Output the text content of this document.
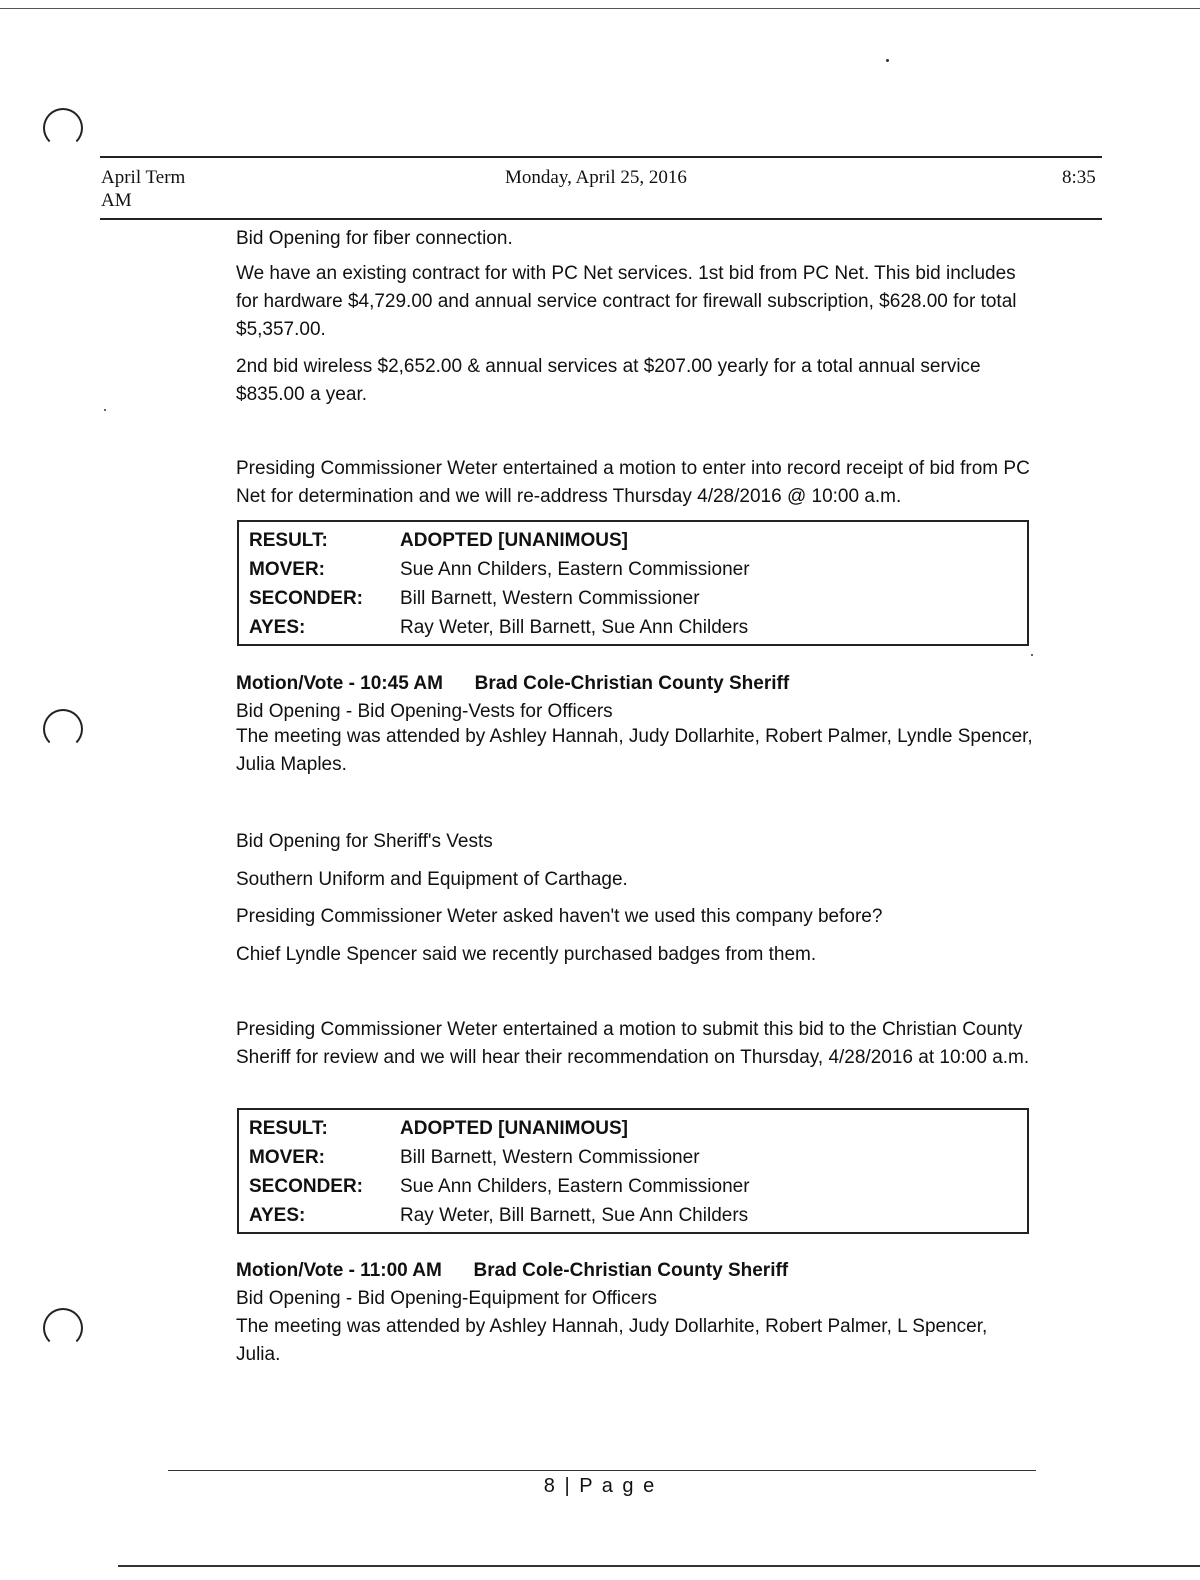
April Term
AM
Monday, April 25, 2016	8:35
Bid Opening for fiber connection.
We have an existing contract for with PC Net services. 1st bid from PC Net. This bid includes for hardware $4,729.00 and annual service contract for firewall subscription, $628.00 for total $5,357.00.
2nd bid wireless $2,652.00 & annual services at $207.00 yearly for a total annual service $835.00 a year.
Presiding Commissioner Weter entertained a motion to enter into record receipt of bid from PC Net for determination and we will re-address Thursday 4/28/2016 @ 10:00 a.m.
RESULT:	ADOPTED [UNANIMOUS]
MOVER:	Sue Ann Childers, Eastern Commissioner
SECONDER:	Bill Barnett, Western Commissioner
AYES:	Ray Weter, Bill Barnett, Sue Ann Childers
Motion/Vote - 10:45 AM Brad Cole-Christian County Sheriff
Bid Opening - Bid Opening-Vests for Officers
The meeting was attended by Ashley Hannah, Judy Dollarhite, Robert Palmer, Lyndle Spencer, Julia Maples.
Bid Opening for Sheriff's Vests
Southern Uniform and Equipment of Carthage.
Presiding Commissioner Weter asked haven't we used this company before?
Chief Lyndle Spencer said we recently purchased badges from them.
Presiding Commissioner Weter entertained a motion to submit this bid to the Christian County Sheriff for review and we will hear their recommendation on Thursday, 4/28/2016 at 10:00 a.m.
RESULT:	ADOPTED [UNANIMOUS]
MOVER:	Bill Barnett, Western Commissioner
SECONDER:	Sue Ann Childers, Eastern Commissioner
AYES:	Ray Weter, Bill Barnett, Sue Ann Childers
Motion/Vote - 11:00 AM Brad Cole-Christian County Sheriff
Bid Opening - Bid Opening-Equipment for Officers
The meeting was attended by Ashley Hannah, Judy Dollarhite, Robert Palmer, L Spencer, Julia.
8 | P a g e
